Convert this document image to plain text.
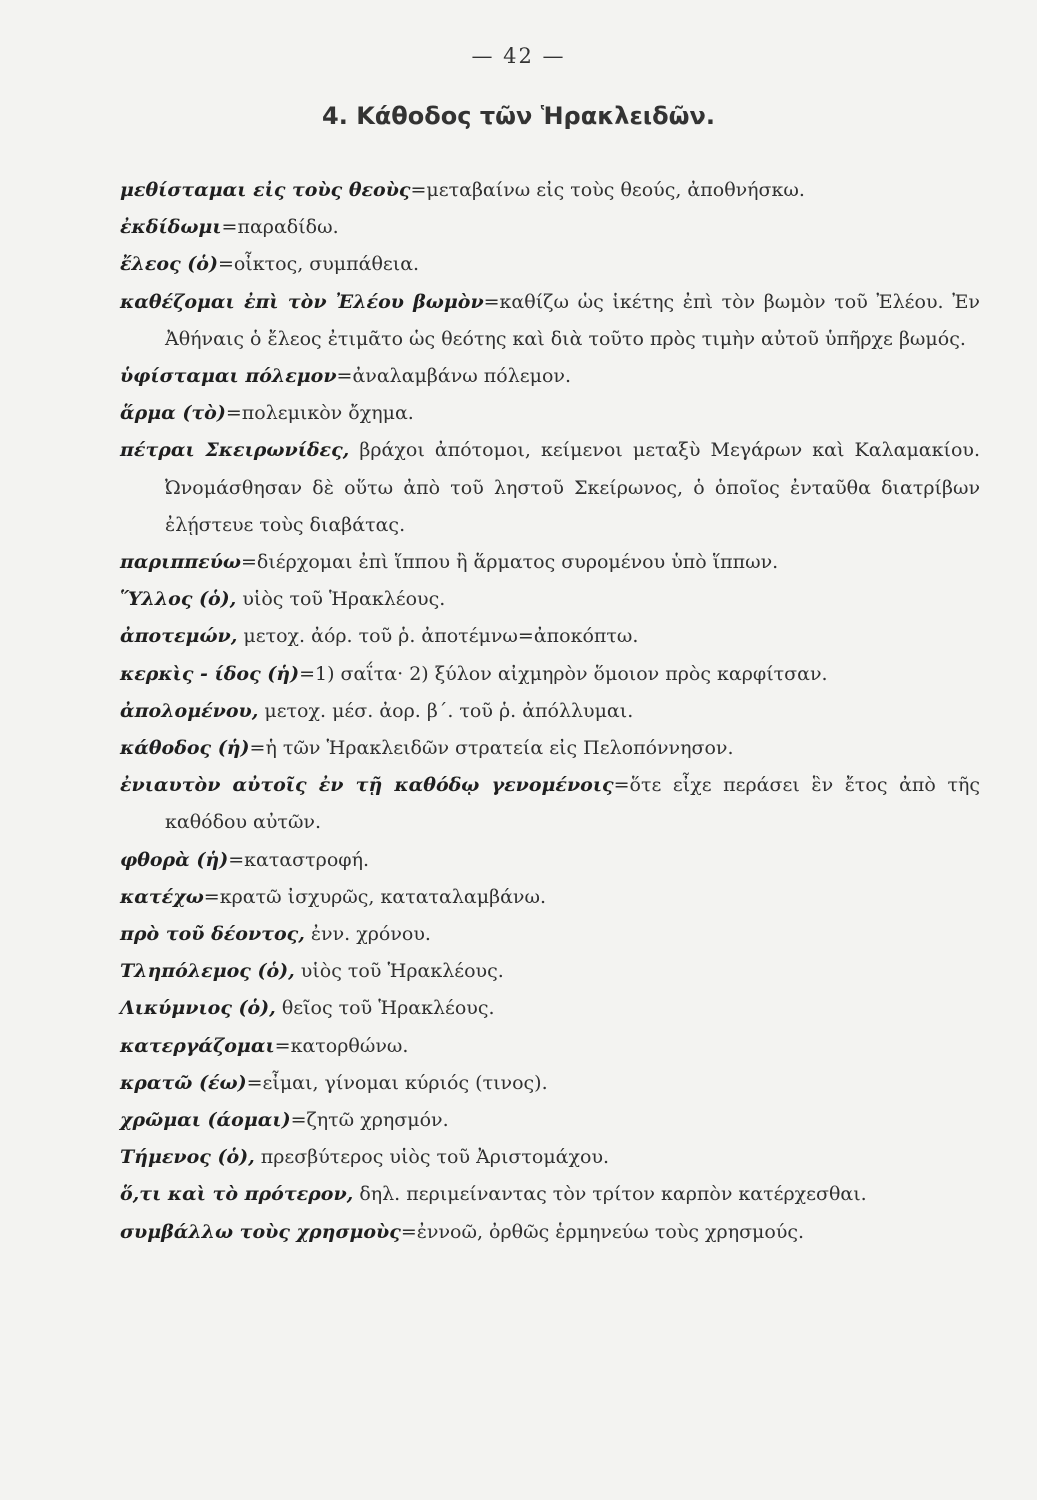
— 42 —
4. Κάθοδος τῶν Ἡρακλειδῶν.
μεθίσταμαι εἰς τοὺς θεοὺς=μεταβαίνω εἰς τοὺς θεούς, ἀποθνήσκω.
ἐκδίδωμι=παραδίδω.
ἔλεος (ὁ)=οἶκτος, συμπάθεια.
καθέζομαι ἐπὶ τὸν Ἐλέου βωμὸν=καθίζω ὡς ἱκέτης ἐπὶ τὸν βωμὸν τοῦ Ἐλέου. Ἐν Ἀθήναις ὁ ἔλεος ἐτιμᾶτο ὡς θεότης καὶ διὰ τοῦτο πρὸς τιμὴν αὐτοῦ ὑπῆρχε βωμός.
ὑφίσταμαι πόλεμον=ἀναλαμβάνω πόλεμον.
ἅρμα (τὸ)=πολεμικὸν ὄχημα.
πέτραι Σκειρωνίδες, βράχοι ἀπότομοι, κείμενοι μεταξὺ Μεγάρων καὶ Καλαμακίου. Ὠνομάσθησαν δὲ οὕτω ἀπὸ τοῦ ληστοῦ Σκείρωνος, ὁ ὁποῖος ἐνταῦθα διατρίβων ἐλῄστευε τοὺς διαβάτας.
παριππεύω=διέρχομαι ἐπὶ ἵππου ἢ ἅρματος συρομένου ὑπὸ ἵππων.
Ὕλλος (ὁ), υἱὸς τοῦ Ἡρακλέους.
ἀποτεμών, μετοχ. ἀόρ. τοῦ ῥ. ἀποτέμνω=ἀποκόπτω.
κερκὶς - ίδος (ἡ)=1) σαΐτα· 2) ξύλον αἰχμηρὸν ὅμοιον πρὸς καρφίτσαν.
ἀπολομένου, μετοχ. μέσ. ἀορ. β΄. τοῦ ῥ. ἀπόλλυμαι.
κάθοδος (ἡ)=ἡ τῶν Ἡρακλειδῶν στρατεία εἰς Πελοπόννησον.
ἐνιαυτὸν αὐτοῖς ἐν τῇ καθόδῳ γενομένοις=ὅτε εἶχε περάσει ἓν ἔτος ἀπὸ τῆς καθόδου αὐτῶν.
φθορὰ (ἡ)=καταστροφή.
κατέχω=κρατῶ ἰσχυρῶς, καταταλαμβάνω.
πρὸ τοῦ δέοντος, ἐνν. χρόνου.
Τληπόλεμος (ὁ), υἱὸς τοῦ Ἡρακλέους.
Λικύμνιος (ὁ), θεῖος τοῦ Ἡρακλέους.
κατεργάζομαι=κατορθώνω.
κρατῶ (έω)=εἶμαι, γίνομαι κύριός (τινος).
χρῶμαι (άομαι)=ζητῶ χρησμόν.
Τήμενος (ὁ), πρεσβύτερος υἱὸς τοῦ Ἀριστομάχου.
ὅ,τι καὶ τὸ πρότερον, δηλ. περιμείναντας τὸν τρίτον καρπὸν κατέρχεσθαι.
συμβάλλω τοὺς χρησμοὺς=ἐννοῶ, ὀρθῶς ἑρμηνεύω τοὺς χρησμούς.
